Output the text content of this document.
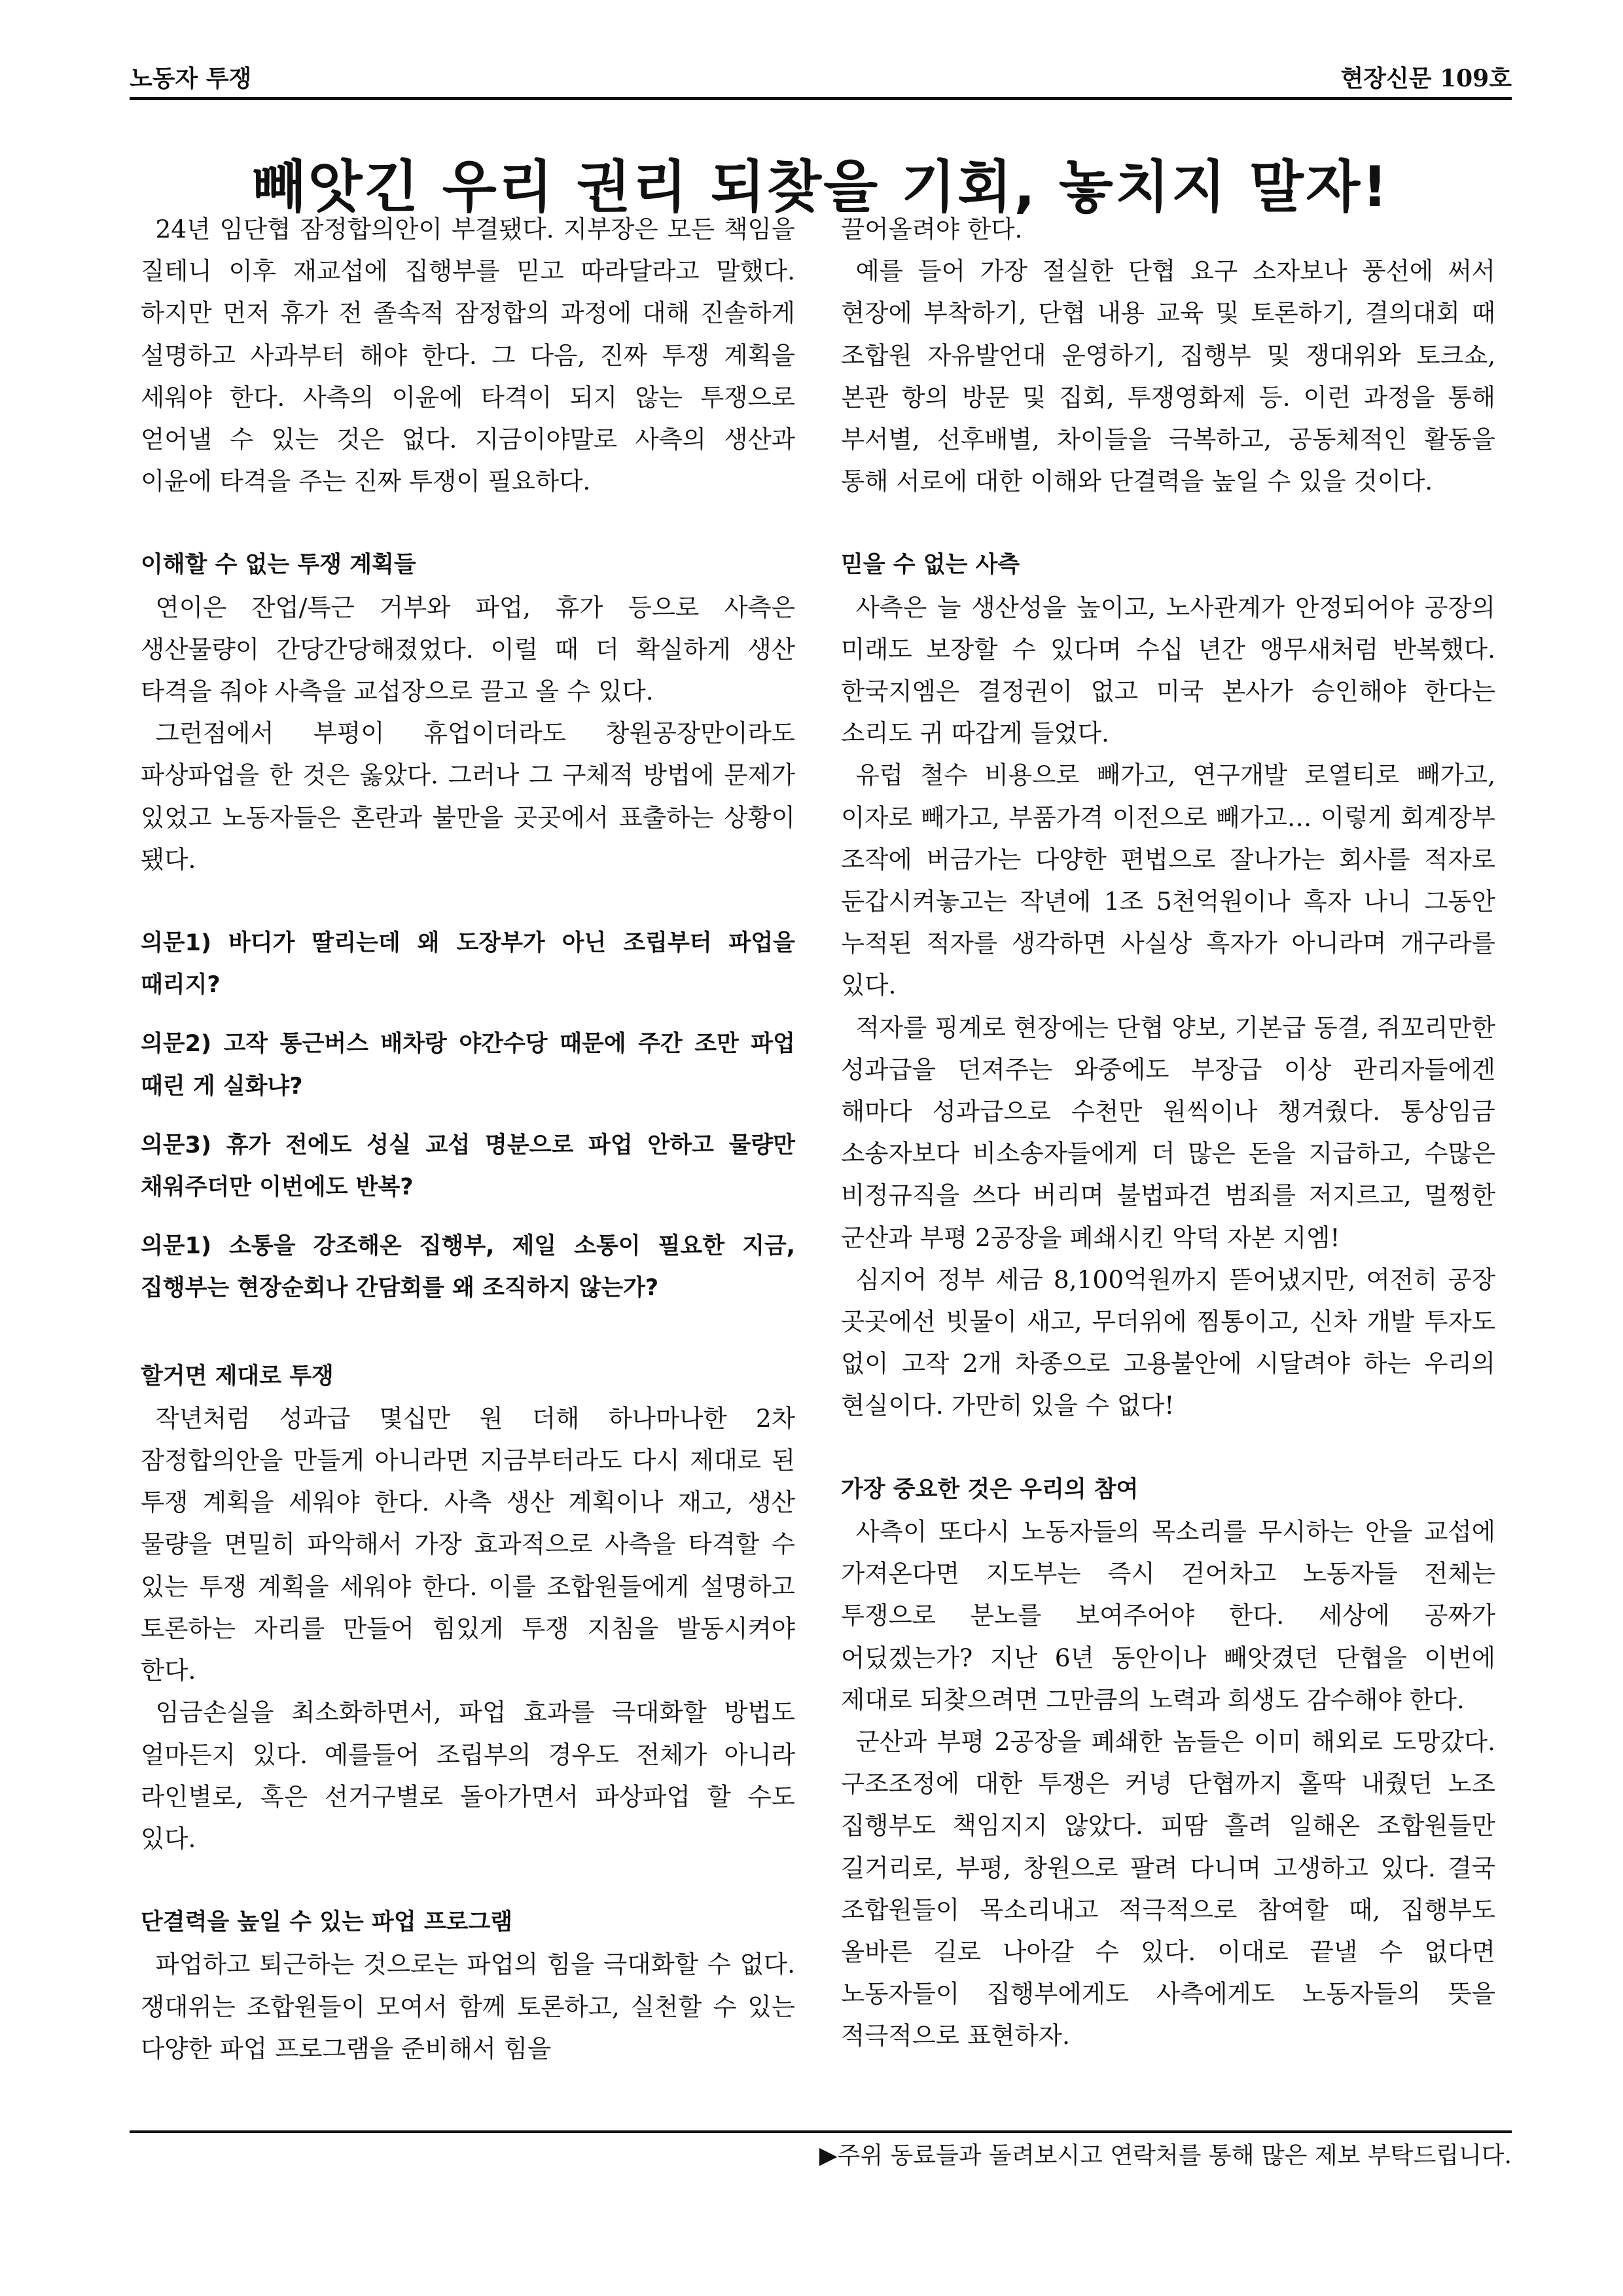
노동자 투쟁	현장신문 109호
빼앗긴 우리 권리 되찾을 기회, 놓치지 말자!

24년 임단협 잠정합의안이 부결됐다. 지부장은 모든 책임을 질테니 이후 재교섭에 집행부를 믿고 따라달라고 말했다. 하지만 먼저 휴가 전 졸속적 잠정합의 과정에 대해 진솔하게 설명하고 사과부터 해야 한다. 그 다음, 진짜 투쟁 계획을 세워야 한다. 사측의 이윤에 타격이 되지 않는 투쟁으로 얻어낼 수 있는 것은 없다. 지금이야말로 사측의 생산과 이윤에 타격을 주는 진짜 투쟁이 필요하다.

이해할 수 없는 투쟁 계획들

연이은 잔업/특근 거부와 파업, 휴가 등으로 사측은 생산물량이 간당간당해졌었다. 이럴 때 더 확실하게 생산 타격을 줘야 사측을 교섭장으로 끌고 올 수 있다.

그런점에서 부평이 휴업이더라도 창원공장만이라도 파상파업을 한 것은 옳았다. 그러나 그 구체적 방법에 문제가 있었고 노동자들은 혼란과 불만을 곳곳에서 표출하는 상황이 됐다.

의문1) 바디가 딸리는데 왜 도장부가 아닌 조립부터 파업을 때리지?
의문2) 고작 통근버스 배차랑 야간수당 때문에 주간 조만 파업 때린 게 실화냐?
의문3) 휴가 전에도 성실 교섭 명분으로 파업 안하고 물량만 채워주더만 이번에도 반복?
의문1) 소통을 강조해온 집행부, 제일 소통이 필요한 지금, 집행부는 현장순회나 간담회를 왜 조직하지 않는가?
할거면 제대로 투쟁

작년처럼 성과급 몇십만 원 더해 하나마나한 2차 잠정합의안을 만들게 아니라면 지금부터라도 다시 제대로 된 투쟁 계획을 세워야 한다. 사측 생산 계획이나 재고, 생산 물량을 면밀히 파악해서 가장 효과적으로 사측을 타격할 수 있는 투쟁 계획을 세워야 한다. 이를 조합원들에게 설명하고 토론하는 자리를 만들어 힘있게 투쟁 지침을 발동시켜야 한다.

임금손실을 최소화하면서, 파업 효과를 극대화할 방법도 얼마든지 있다. 예를들어 조립부의 경우도 전체가 아니라 라인별로, 혹은 선거구별로 돌아가면서 파상파업 할 수도 있다.

단결력을 높일 수 있는 파업 프로그램

파업하고 퇴근하는 것으로는 파업의 힘을 극대화할 수 없다. 쟁대위는 조합원들이 모여서 함께 토론하고, 실천할 수 있는 다양한 파업 프로그램을 준비해서 힘을

끌어올려야 한다.

예를 들어 가장 절실한 단협 요구 소자보나 풍선에 써서 현장에 부착하기, 단협 내용 교육 및 토론하기, 결의대회 때 조합원 자유발언대 운영하기, 집행부 및 쟁대위와 토크쇼, 본관 항의 방문 및 집회, 투쟁영화제 등. 이런 과정을 통해 부서별, 선후배별, 차이들을 극복하고, 공동체적인 활동을 통해 서로에 대한 이해와 단결력을 높일 수 있을 것이다.

믿을 수 없는 사측

사측은 늘 생산성을 높이고, 노사관계가 안정되어야 공장의 미래도 보장할 수 있다며 수십 년간 앵무새처럼 반복했다. 한국지엠은 결정권이 없고 미국 본사가 승인해야 한다는 소리도 귀 따갑게 들었다.

유럽 철수 비용으로 빼가고, 연구개발 로열티로 빼가고, 이자로 빼가고, 부품가격 이전으로 빼가고… 이렇게 회계장부 조작에 버금가는 다양한 편법으로 잘나가는 회사를 적자로 둔갑시켜놓고는 작년에 1조 5천억원이나 흑자 나니 그동안 누적된 적자를 생각하면 사실상 흑자가 아니라며 개구라를 있다.

적자를 핑계로 현장에는 단협 양보, 기본급 동결, 쥐꼬리만한 성과급을 던져주는 와중에도 부장급 이상 관리자들에겐 해마다 성과급으로 수천만 원씩이나 챙겨줬다. 통상임금 소송자보다 비소송자들에게 더 많은 돈을 지급하고, 수많은 비정규직을 쓰다 버리며 불법파견 범죄를 저지르고, 멀쩡한 군산과 부평 2공장을 폐쇄시킨 악덕 자본 지엠!

심지어 정부 세금 8,100억원까지 뜯어냈지만, 여전히 공장 곳곳에선 빗물이 새고, 무더위에 찜통이고, 신차 개발 투자도 없이 고작 2개 차종으로 고용불안에 시달려야 하는 우리의 현실이다. 가만히 있을 수 없다!

가장 중요한 것은 우리의 참여

사측이 또다시 노동자들의 목소리를 무시하는 안을 교섭에 가져온다면 지도부는 즉시 걷어차고 노동자들 전체는 투쟁으로 분노를 보여주어야 한다. 세상에 공짜가 어딨겠는가? 지난 6년 동안이나 빼앗겼던 단협을 이번에 제대로 되찾으려면 그만큼의 노력과 희생도 감수해야 한다.

군산과 부평 2공장을 폐쇄한 놈들은 이미 해외로 도망갔다. 구조조정에 대한 투쟁은 커녕 단협까지 홀딱 내줬던 노조 집행부도 책임지지 않았다. 피땀 흘려 일해온 조합원들만 길거리로, 부평, 창원으로 팔려 다니며 고생하고 있다. 결국 조합원들이 목소리내고 적극적으로 참여할 때, 집행부도 올바른 길로 나아갈 수 있다. 이대로 끝낼 수 없다면 노동자들이 집행부에게도 사측에게도 노동자들의 뜻을 적극적으로 표현하자.

▶주위 동료들과 돌려보시고 연락처를 통해 많은 제보 부탁드립니다.
